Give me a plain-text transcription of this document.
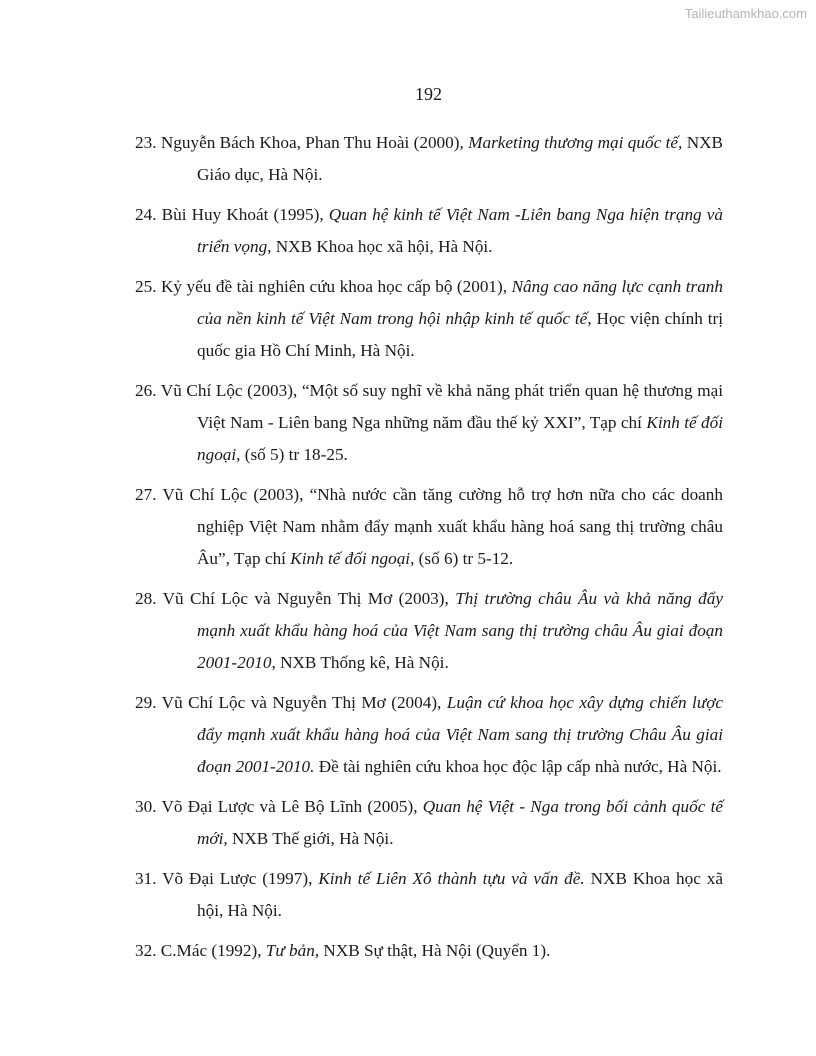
Tailieuthamkhao.com
192
23. Nguyễn Bách Khoa, Phan Thu Hoài (2000), Marketing thương mại quốc tế, NXB Giáo dục, Hà Nội.
24. Bùi Huy Khoát (1995), Quan hệ kinh tế Việt Nam -Liên bang Nga hiện trạng và triển vọng, NXB Khoa học xã hội, Hà Nội.
25. Kỷ yếu đề tài nghiên cứu khoa học cấp bộ (2001), Nâng cao năng lực cạnh tranh của nền kinh tế Việt Nam trong hội nhập kinh tế quốc tế, Học viện chính trị quốc gia Hồ Chí Minh, Hà Nội.
26. Vũ Chí Lộc (2003), “Một số suy nghĩ về khả năng phát triển quan hệ thương mại Việt Nam - Liên bang Nga những năm đầu thế kỷ XXI”, Tạp chí Kinh tế đối ngoại, (số 5) tr 18-25.
27. Vũ Chí Lộc (2003), “Nhà nước cần tăng cường hỗ trợ hơn nữa cho các doanh nghiệp Việt Nam nhằm đẩy mạnh xuất khẩu hàng hoá sang thị trường châu Âu”, Tạp chí Kinh tế đối ngoại, (số 6) tr 5-12.
28. Vũ Chí Lộc và Nguyễn Thị Mơ (2003), Thị trường châu Âu và khả năng đẩy mạnh xuất khẩu hàng hoá của Việt Nam sang thị trường châu Âu giai đoạn 2001-2010, NXB Thống kê, Hà Nội.
29. Vũ Chí Lộc và Nguyễn Thị Mơ (2004), Luận cứ khoa học xây dựng chiến lược đẩy mạnh xuất khẩu hàng hoá của Việt Nam sang thị trường Châu Âu giai đoạn 2001-2010. Đề tài nghiên cứu khoa học độc lập cấp nhà nước, Hà Nội.
30. Võ Đại Lược và Lê Bộ Lĩnh (2005), Quan hệ Việt - Nga trong bối cảnh quốc tế mới, NXB Thế giới, Hà Nội.
31. Võ Đại Lược (1997), Kinh tế Liên Xô thành tựu và vấn đề. NXB Khoa học xã hội, Hà Nội.
32. C.Mác (1992), Tư bản, NXB Sự thật, Hà Nội (Quyển 1).
